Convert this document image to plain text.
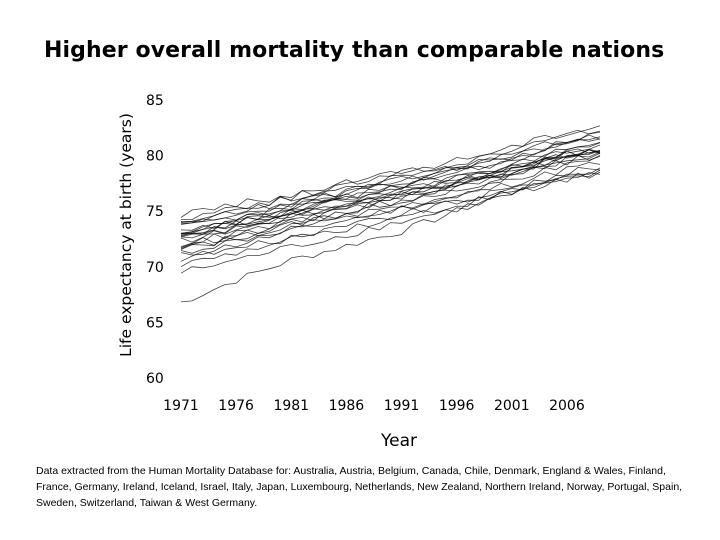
Higher overall mortality than comparable nations
85
80
75
70
65
60
1971 1976 1981 1986 1991 1996 2001 2006
Life expectancy at birth (years)
Year
Data extracted from the Human Mortality Database for: Australia, Austria, Belgium, Canada, Chile, Denmark, England & Wales, Finland, France, Germany, Ireland, Iceland, Israel, Italy, Japan, Luxembourg, Netherlands, New Zealand, Northern Ireland, Norway, Portugal, Spain, Sweden, Switzerland, Taiwan & West Germany.
